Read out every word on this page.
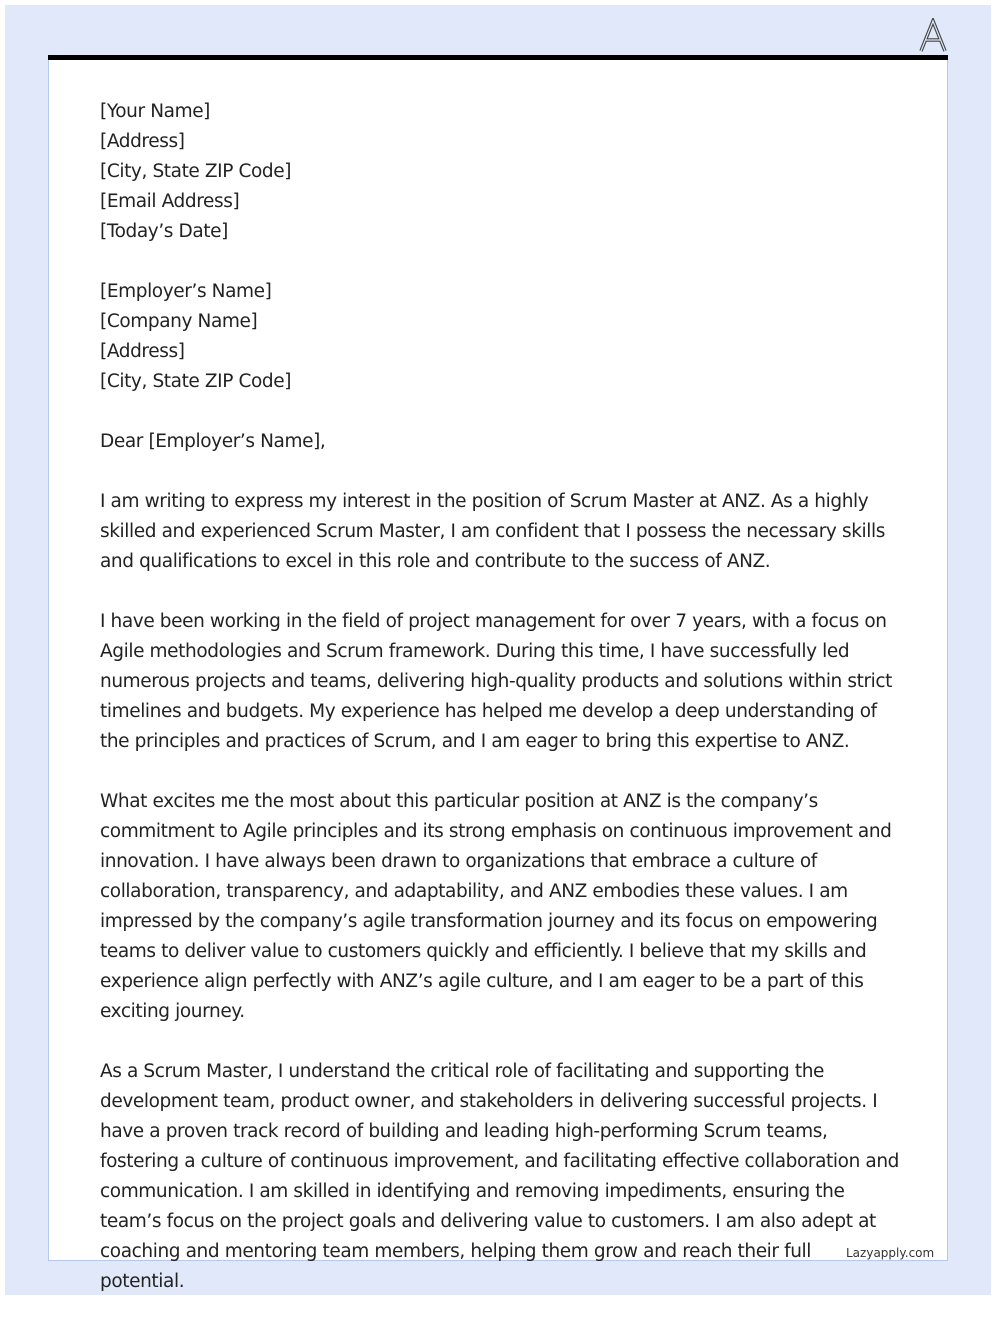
[Your Name]
[Address]
[City, State ZIP Code]
[Email Address]
[Today’s Date]

[Employer’s Name]
[Company Name]
[Address]
[City, State ZIP Code]

Dear [Employer’s Name],

I am writing to express my interest in the position of Scrum Master at ANZ. As a highly skilled and experienced Scrum Master, I am confident that I possess the necessary skills and qualifications to excel in this role and contribute to the success of ANZ.

I have been working in the field of project management for over 7 years, with a focus on Agile methodologies and Scrum framework. During this time, I have successfully led numerous projects and teams, delivering high-quality products and solutions within strict timelines and budgets. My experience has helped me develop a deep understanding of the principles and practices of Scrum, and I am eager to bring this expertise to ANZ.

What excites me the most about this particular position at ANZ is the company’s commitment to Agile principles and its strong emphasis on continuous improvement and innovation. I have always been drawn to organizations that embrace a culture of collaboration, transparency, and adaptability, and ANZ embodies these values. I am impressed by the company’s agile transformation journey and its focus on empowering teams to deliver value to customers quickly and efficiently. I believe that my skills and experience align perfectly with ANZ’s agile culture, and I am eager to be a part of this exciting journey.

As a Scrum Master, I understand the critical role of facilitating and supporting the development team, product owner, and stakeholders in delivering successful projects. I have a proven track record of building and leading high-performing Scrum teams, fostering a culture of continuous improvement, and facilitating effective collaboration and communication. I am skilled in identifying and removing impediments, ensuring the team’s focus on the project goals and delivering value to customers. I am also adept at coaching and mentoring team members, helping them grow and reach their full potential.

Lazyapply.com
